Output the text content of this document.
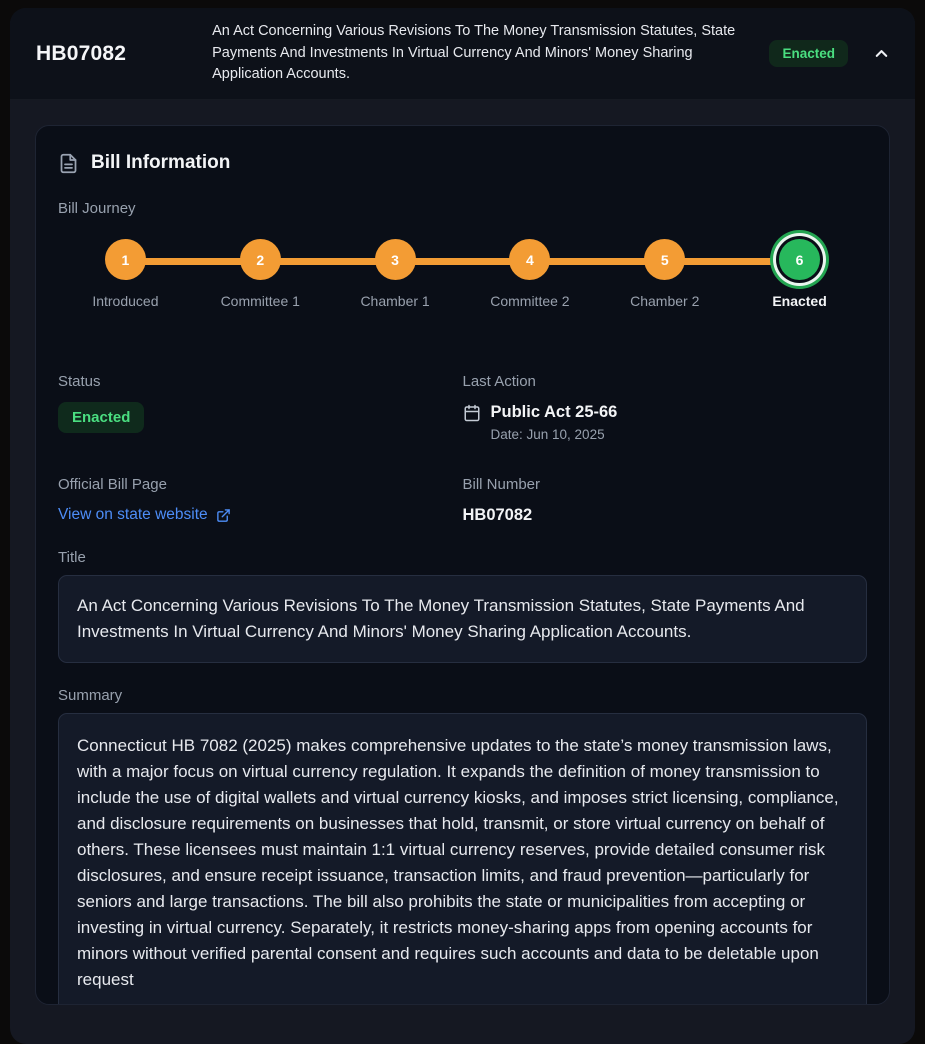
HB07082
An Act Concerning Various Revisions To The Money Transmission Statutes, State Payments And Investments In Virtual Currency And Minors' Money Sharing Application Accounts.
Enacted
Bill Information
Bill Journey
1
Introduced
2
Committee 1
3
Chamber 1
4
Committee 2
5
Chamber 2
6
Enacted
Status
Enacted
Last Action
Public Act 25-66
Date: Jun 10, 2025
Official Bill Page
View on state website
Bill Number
HB07082
Title
An Act Concerning Various Revisions To The Money Transmission Statutes, State Payments And Investments In Virtual Currency And Minors' Money Sharing Application Accounts.
Summary
Connecticut HB 7082 (2025) makes comprehensive updates to the state’s money transmission laws, with a major focus on virtual currency regulation. It expands the definition of money transmission to include the use of digital wallets and virtual currency kiosks, and imposes strict licensing, compliance, and disclosure requirements on businesses that hold, transmit, or store virtual currency on behalf of others. These licensees must maintain 1:1 virtual currency reserves, provide detailed consumer risk disclosures, and ensure receipt issuance, transaction limits, and fraud prevention—particularly for seniors and large transactions. The bill also prohibits the state or municipalities from accepting or investing in virtual currency. Separately, it restricts money-sharing apps from opening accounts for minors without verified parental consent and requires such accounts and data to be deletable upon request
